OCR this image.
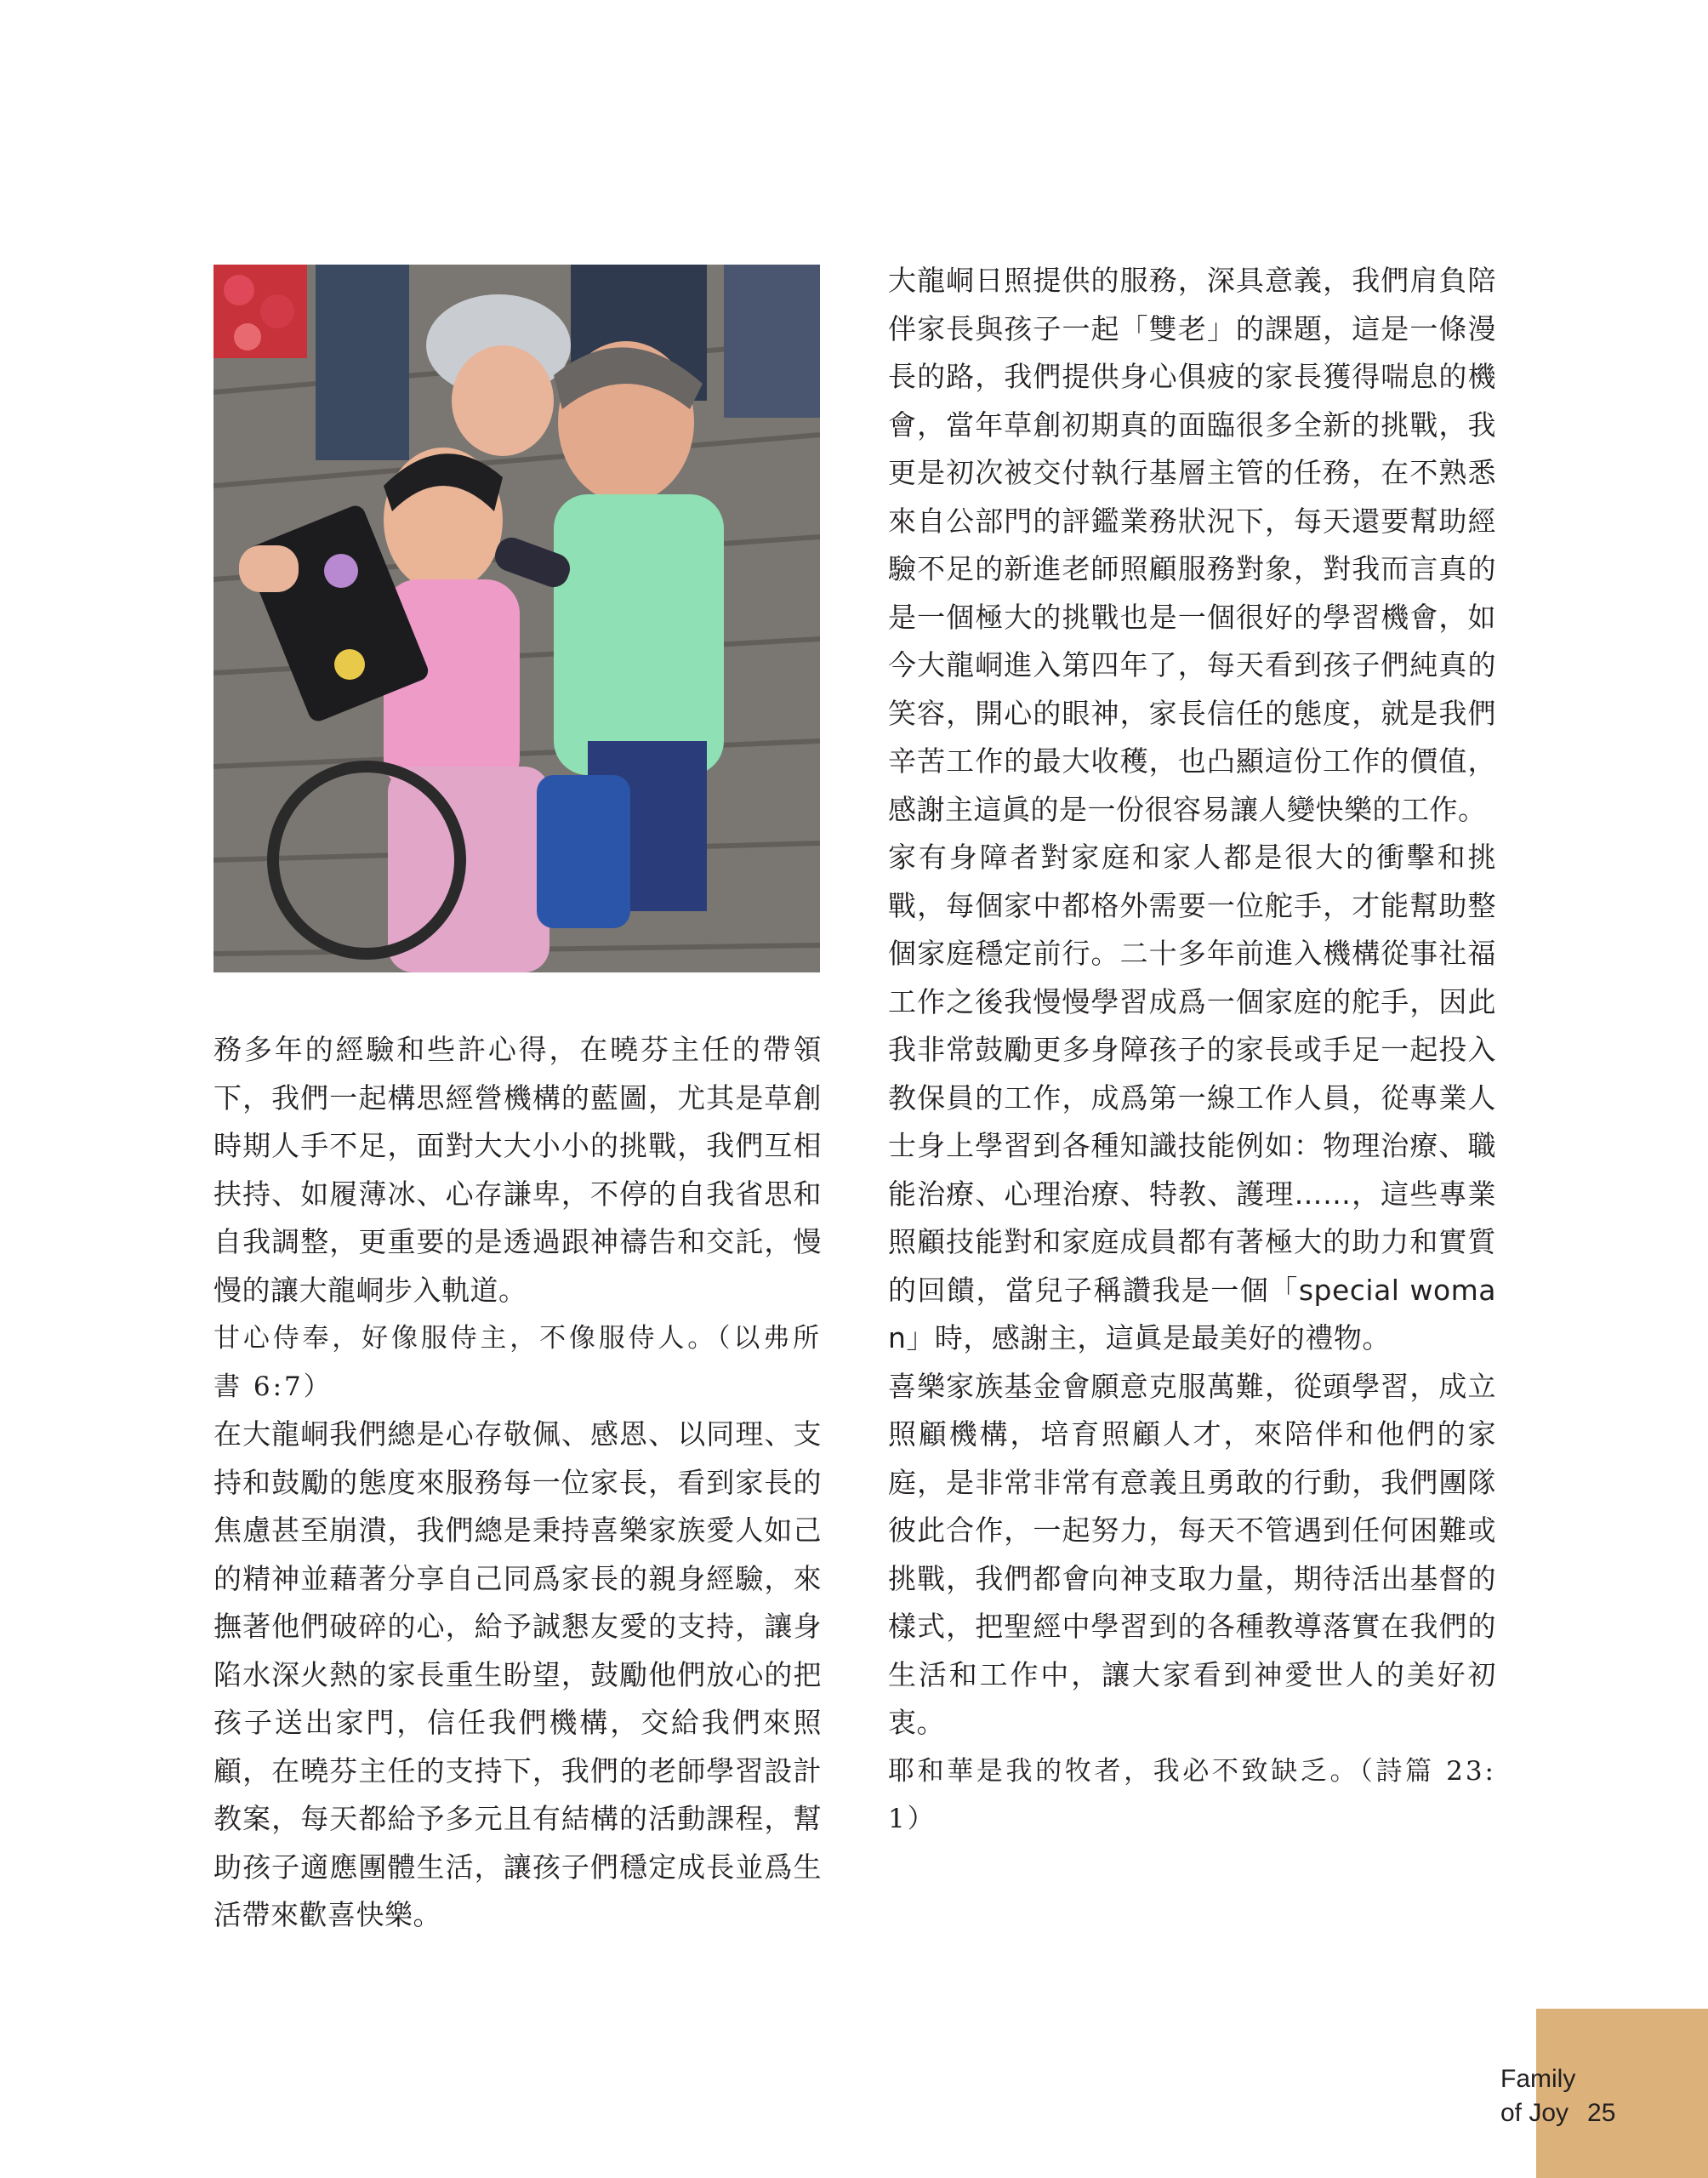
務多年的經驗和些許心得，在曉芬主任的帶領下，我們一起構思經營機構的藍圖，尤其是草創時期人手不足，面對大大小小的挑戰，我們互相扶持、如履薄冰、心存謙卑，不停的自我省思和自我調整，更重要的是透過跟神禱告和交託，慢慢的讓大龍峒步入軌道。

甘心侍奉，好像服侍主，不像服侍人。（以弗所書 6:7）

在大龍峒我們總是心存敬佩、感恩、以同理、支持和鼓勵的態度來服務每一位家長，看到家長的焦慮甚至崩潰，我們總是秉持喜樂家族愛人如己的精神並藉著分享自己同爲家長的親身經驗，來撫著他們破碎的心，給予誠懇友愛的支持，讓身陷水深火熱的家長重生盼望，鼓勵他們放心的把孩子送出家門，信任我們機構，交給我們來照顧，在曉芬主任的支持下，我們的老師學習設計教案，每天都給予多元且有結構的活動課程，幫助孩子適應團體生活，讓孩子們穩定成長並爲生活帶來歡喜快樂。

大龍峒日照提供的服務，深具意義，我們肩負陪伴家長與孩子一起「雙老」的課題，這是一條漫長的路，我們提供身心俱疲的家長獲得喘息的機會，當年草創初期真的面臨很多全新的挑戰，我更是初次被交付執行基層主管的任務，在不熟悉來自公部門的評鑑業務狀況下，每天還要幫助經驗不足的新進老師照顧服務對象，對我而言真的是一個極大的挑戰也是一個很好的學習機會，如今大龍峒進入第四年了，每天看到孩子們純真的笑容，開心的眼神，家長信任的態度，就是我們辛苦工作的最大收穫，也凸顯這份工作的價值，感謝主這眞的是一份很容易讓人變快樂的工作。

家有身障者對家庭和家人都是很大的衝擊和挑戰，每個家中都格外需要一位舵手，才能幫助整個家庭穩定前行。二十多年前進入機構從事社福工作之後我慢慢學習成爲一個家庭的舵手，因此我非常鼓勵更多身障孩子的家長或手足一起投入教保員的工作，成爲第一線工作人員，從專業人士身上學習到各種知識技能例如：物理治療、職能治療、心理治療、特教、護理……，這些專業照顧技能對和家庭成員都有著極大的助力和實質的回饋，當兒子稱讚我是一個「special woman」時，感謝主，這眞是最美好的禮物。

喜樂家族基金會願意克服萬難，從頭學習，成立照顧機構，培育照顧人才，來陪伴和他們的家庭，是非常非常有意義且勇敢的行動，我們團隊彼此合作，一起努力，每天不管遇到任何困難或挑戰，我們都會向神支取力量，期待活出基督的樣式，把聖經中學習到的各種教導落實在我們的生活和工作中，讓大家看到神愛世人的美好初衷。

耶和華是我的牧者，我必不致缺乏。（詩篇 23:1）

Family
of Joy 25
